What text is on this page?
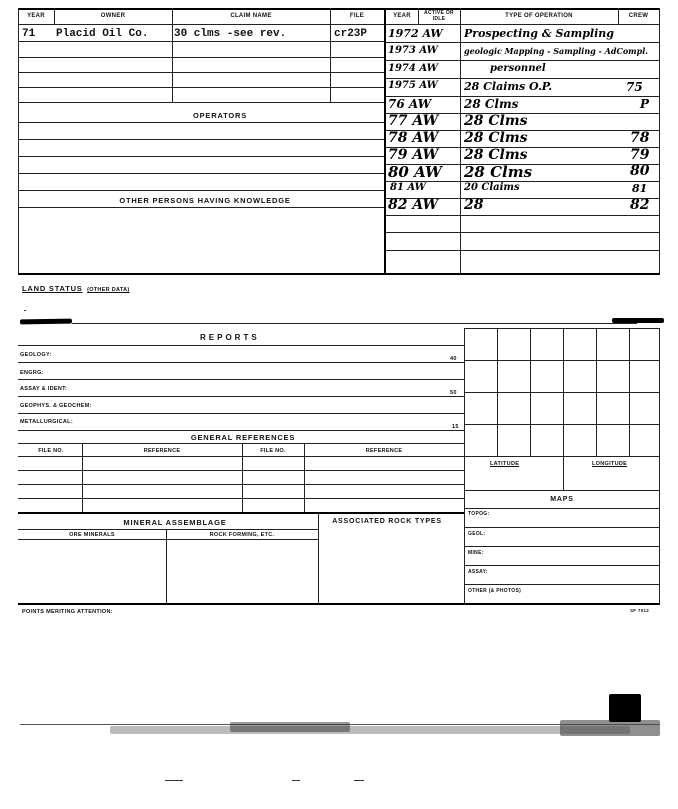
YEAR	OWNER	CLAIM NAME	FILE	YEAR	ACTIVE OR IDLE	TYPE OF OPERATION	CREW
71 Placid Oil Co. 30 clms -see rev.	cr23P
OPERATORS
OTHER PERSONS HAVING KNOWLEDGE
1972 AW Prospecting & Sampling
1973 AW	geologic Mapping - Sampling - AdCompl.
1974 AW	personnel
1975 AW 28 Claims O.P.	75
76 AW	28 Clms	P
77 AW 28 Clms
78 AW 28 Clms	78
79 AW 28 Clms	79
80 AW 28 Clms	80
81 AW	20 Claims	81
82 AW 28	82
LAND STATUS (OTHER DATA)
REPORTS
GEOLOGY:
40
ENGRG:
ASSAY & IDENT:
50
GEOPHYS. & GEOCHEM:
METALLURGICAL:
15
GENERAL REFERENCES
FILE NO.	REFERENCE	FILE NO.	REFERENCE
LATITUDE	LONGITUDE
MAPS
TOPOG:
GEOL:
MINE:
ASSAY:
OTHER (& PHOTOS)
MINERAL ASSEMBLAGE	ASSOCIATED ROCK TYPES
ORE MINERALS	ROCK FORMING, ETC.
POINTS MERITING ATTENTION:	SF 7012
